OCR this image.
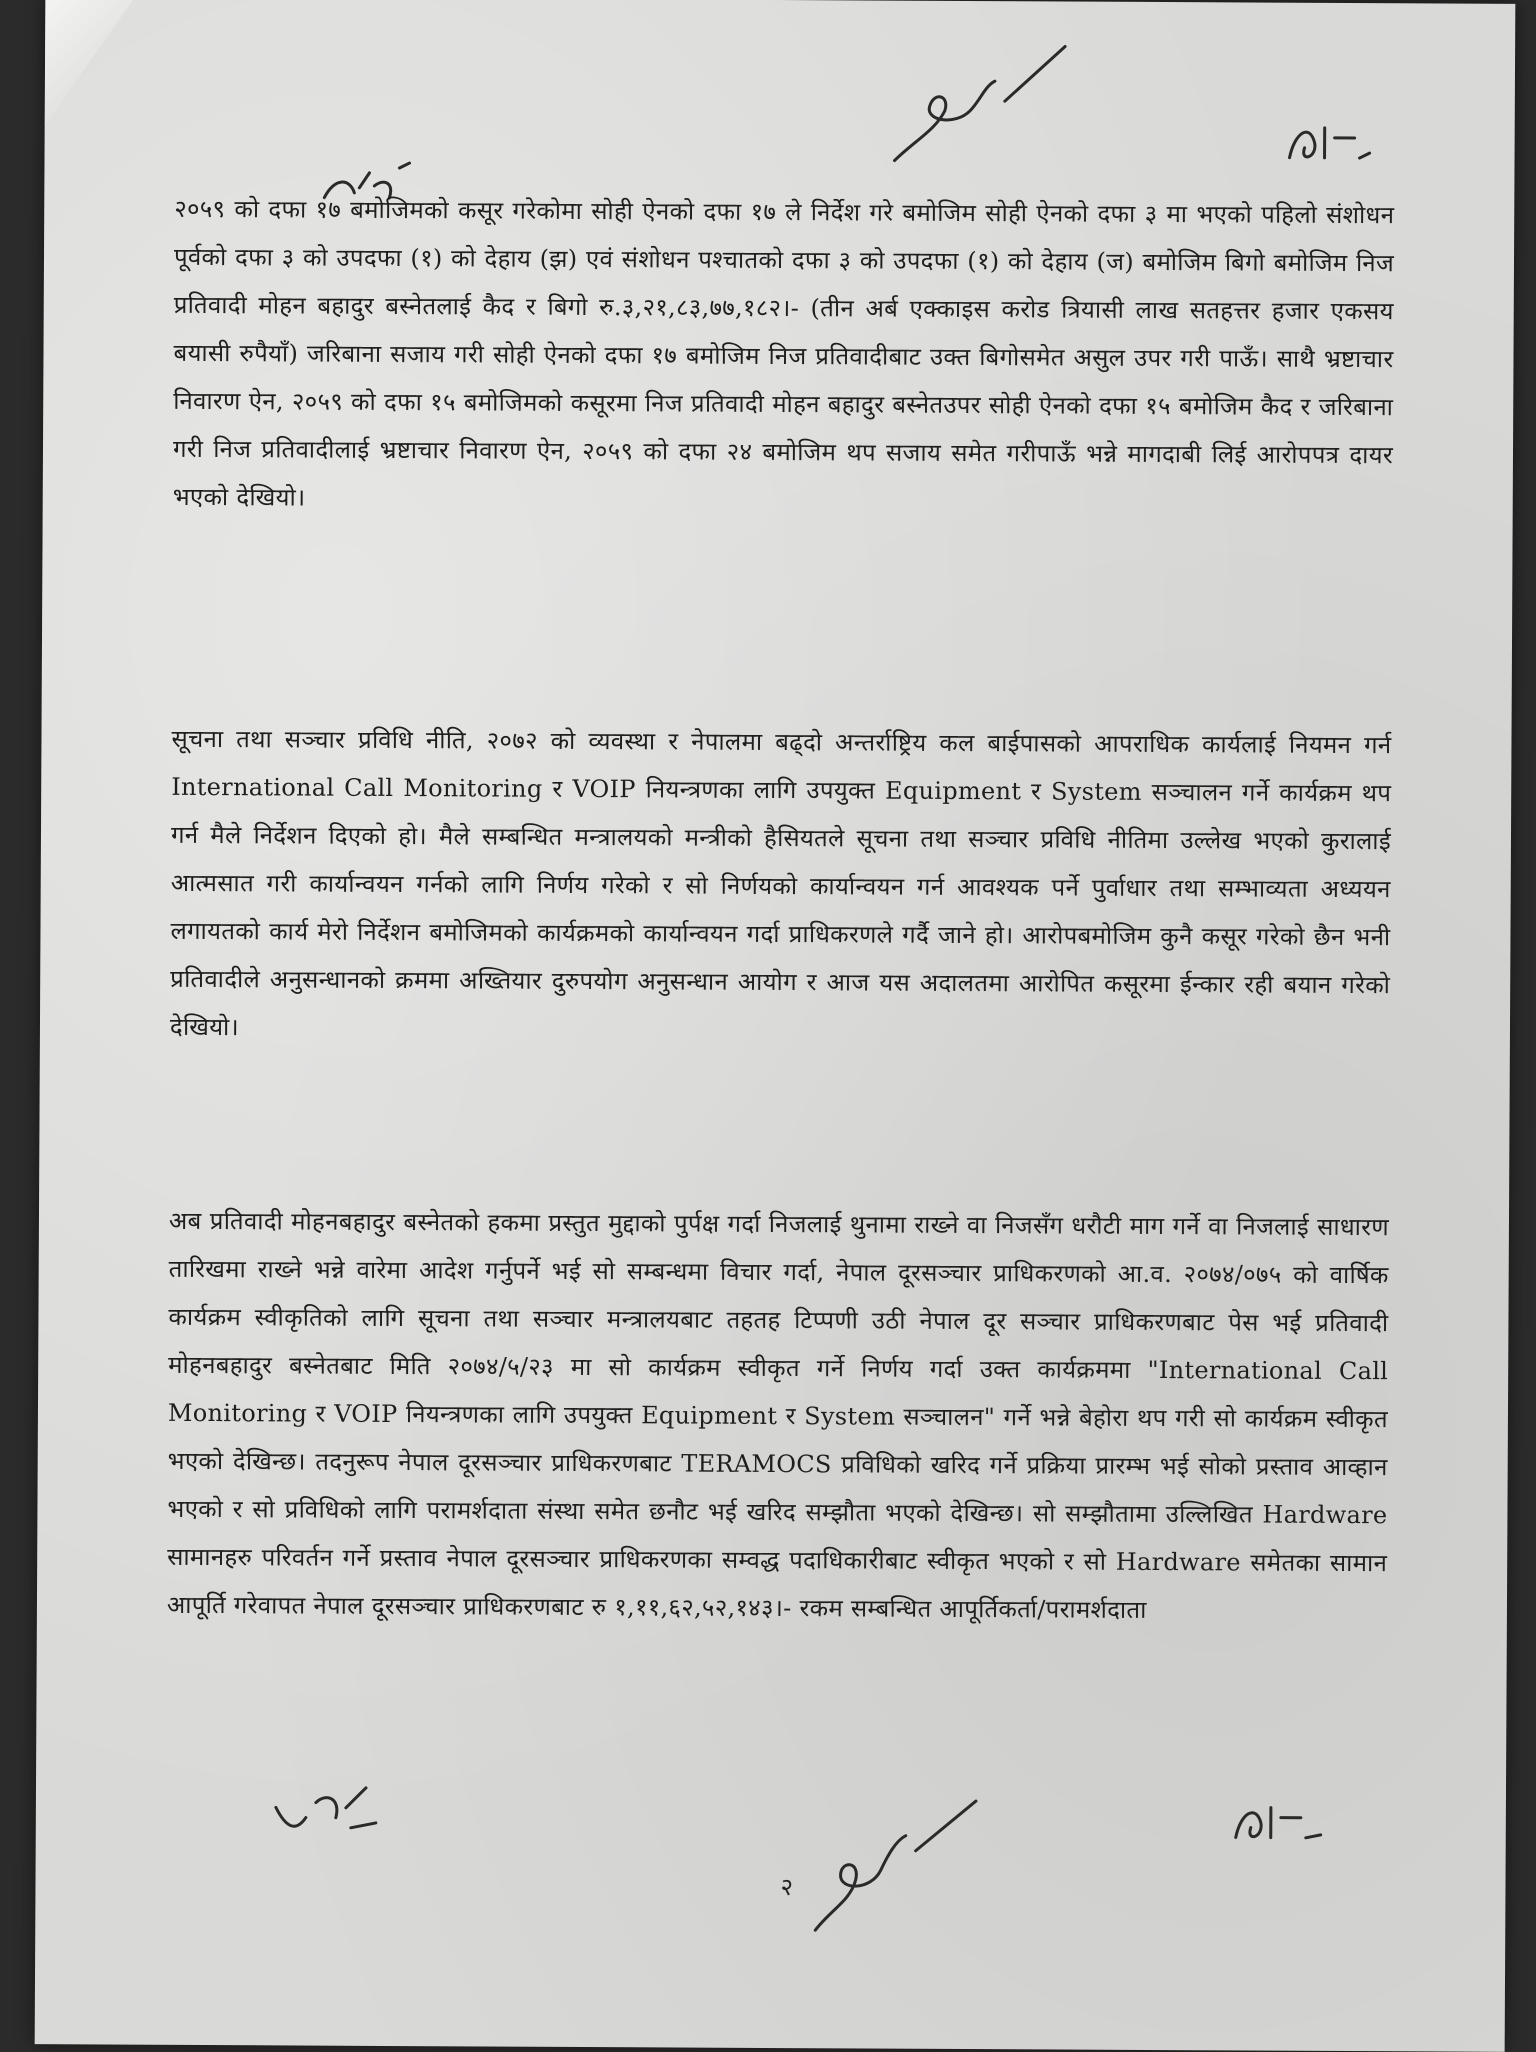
२०५९ को दफा १७ बमोजिमको कसूर गरेकोमा सोही ऐनको दफा १७ ले निर्देश गरे बमोजिम सोही ऐनको दफा ३ मा भएको पहिलो संशोधन पूर्वको दफा ३ को उपदफा (१) को देहाय (झ) एवं संशोधन पश्चातको दफा ३ को उपदफा (१) को देहाय (ज) बमोजिम बिगो बमोजिम निज प्रतिवादी मोहन बहादुर बस्नेतलाई कैद र बिगो रु.३,२१,८३,७७,१८२।- (तीन अर्ब एक्काइस करोड त्रियासी लाख सतहत्तर हजार एकसय बयासी रुपैयाँ) जरिबाना सजाय गरी सोही ऐनको दफा १७ बमोजिम निज प्रतिवादीबाट उक्त बिगोसमेत असुल उपर गरी पाऊँ। साथै भ्रष्टाचार निवारण ऐन, २०५९ को दफा १५ बमोजिमको कसूरमा निज प्रतिवादी मोहन बहादुर बस्नेतउपर सोही ऐनको दफा १५ बमोजिम कैद र जरिबाना गरी निज प्रतिवादीलाई भ्रष्टाचार निवारण ऐन, २०५९ को दफा २४ बमोजिम थप सजाय समेत गरीपाऊँ भन्ने मागदाबी लिई आरोपपत्र दायर भएको देखियो।

सूचना तथा सञ्चार प्रविधि नीति, २०७२ को व्यवस्था र नेपालमा बढ्दो अन्तर्राष्ट्रिय कल बाईपासको आपराधिक कार्यलाई नियमन गर्न International Call Monitoring र VOIP नियन्त्रणका लागि उपयुक्त Equipment र System सञ्चालन गर्ने कार्यक्रम थप गर्न मैले निर्देशन दिएको हो। मैले सम्बन्धित मन्त्रालयको मन्त्रीको हैसियतले सूचना तथा सञ्चार प्रविधि नीतिमा उल्लेख भएको कुरालाई आत्मसात गरी कार्यान्वयन गर्नको लागि निर्णय गरेको र सो निर्णयको कार्यान्वयन गर्न आवश्यक पर्ने पुर्वाधार तथा सम्भाव्यता अध्ययन लगायतको कार्य मेरो निर्देशन बमोजिमको कार्यक्रमको कार्यान्वयन गर्दा प्राधिकरणले गर्दै जाने हो। आरोपबमोजिम कुनै कसूर गरेको छैन भनी प्रतिवादीले अनुसन्धानको क्रममा अख्तियार दुरुपयोग अनुसन्धान आयोग र आज यस अदालतमा आरोपित कसूरमा ईन्कार रही बयान गरेको देखियो।

अब प्रतिवादी मोहनबहादुर बस्नेतको हकमा प्रस्तुत मुद्दाको पुर्पक्ष गर्दा निजलाई थुनामा राख्ने वा निजसँग धरौटी माग गर्ने वा निजलाई साधारण तारिखमा राख्ने भन्ने वारेमा आदेश गर्नुपर्ने भई सो सम्बन्धमा विचार गर्दा, नेपाल दूरसञ्चार प्राधिकरणको आ.व. २०७४/०७५ को वार्षिक कार्यक्रम स्वीकृतिको लागि सूचना तथा सञ्चार मन्त्रालयबाट तहतह टिप्पणी उठी नेपाल दूर सञ्चार प्राधिकरणबाट पेस भई प्रतिवादी मोहनबहादुर बस्नेतबाट मिति २०७४/५/२३ मा सो कार्यक्रम स्वीकृत गर्ने निर्णय गर्दा उक्त कार्यक्रममा "International Call Monitoring र VOIP नियन्त्रणका लागि उपयुक्त Equipment र System सञ्चालन" गर्ने भन्ने बेहोरा थप गरी सो कार्यक्रम स्वीकृत भएको देखिन्छ। तदनुरूप नेपाल दूरसञ्चार प्राधिकरणबाट TERAMOCS प्रविधिको खरिद गर्ने प्रक्रिया प्रारम्भ भई सोको प्रस्ताव आव्हान भएको र सो प्रविधिको लागि परामर्शदाता संस्था समेत छनौट भई खरिद सम्झौता भएको देखिन्छ। सो सम्झौतामा उल्लिखित Hardware सामानहरु परिवर्तन गर्ने प्रस्ताव नेपाल दूरसञ्चार प्राधिकरणका सम्वद्ध पदाधिकारीबाट स्वीकृत भएको र सो Hardware समेतका सामान आपूर्ति गरेवापत नेपाल दूरसञ्चार प्राधिकरणबाट रु १,११,६२,५२,१४३।- रकम सम्बन्धित आपूर्तिकर्ता/परामर्शदाता

२
